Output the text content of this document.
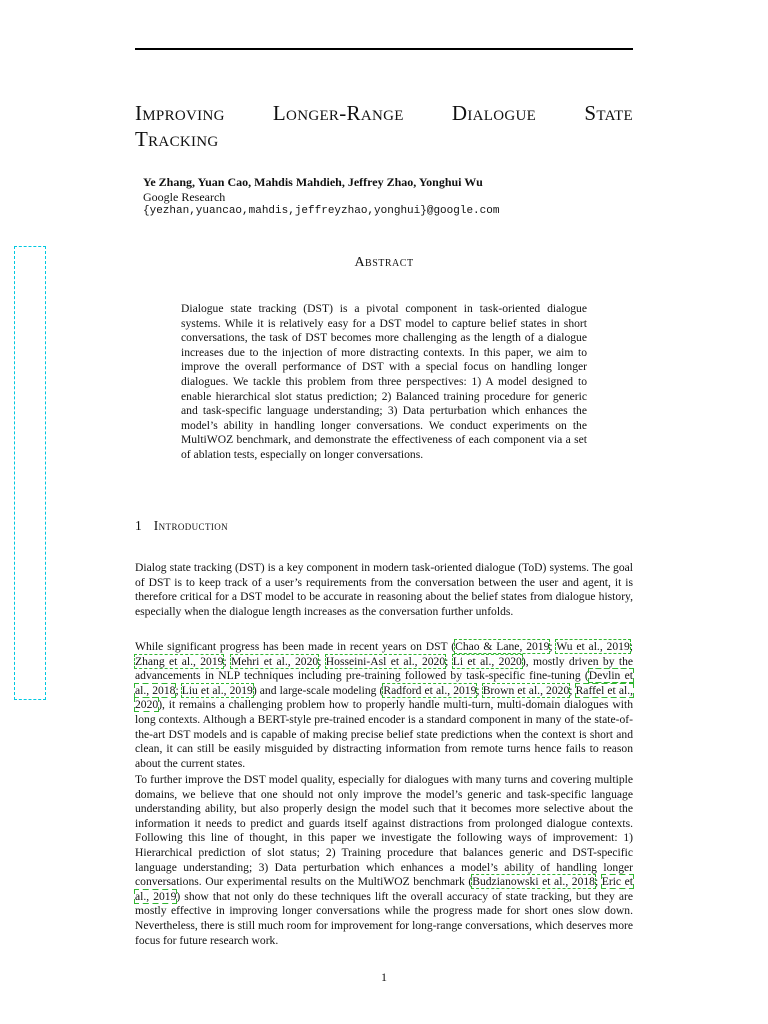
Improving Longer-Range Dialogue State
Tracking
Ye Zhang, Yuan Cao, Mahdis Mahdieh, Jeffrey Zhao, Yonghui Wu
Google Research
{yezhan,yuancao,mahdis,jeffreyzhao,yonghui}@google.com
Abstract
Dialogue state tracking (DST) is a pivotal component in task-oriented dialogue systems. While it is relatively easy for a DST model to capture belief states in short conversations, the task of DST becomes more challenging as the length of a dialogue increases due to the injection of more distracting contexts. In this paper, we aim to improve the overall performance of DST with a special focus on handling longer dialogues. We tackle this problem from three perspectives: 1) A model designed to enable hierarchical slot status prediction; 2) Balanced training procedure for generic and task-specific language understanding; 3) Data perturbation which enhances the model’s ability in handling longer conversations. We conduct experiments on the MultiWOZ benchmark, and demonstrate the effectiveness of each component via a set of ablation tests, especially on longer conversations.
1 Introduction
Dialog state tracking (DST) is a key component in modern task-oriented dialogue (ToD) systems. The goal of DST is to keep track of a user’s requirements from the conversation between the user and agent, it is therefore critical for a DST model to be accurate in reasoning about the belief states from dialogue history, especially when the dialogue length increases as the conversation further unfolds.
While significant progress has been made in recent years on DST (Chao & Lane, 2019; Wu et al., 2019; Zhang et al., 2019; Mehri et al., 2020; Hosseini-Asl et al., 2020; Li et al., 2020), mostly driven by the advancements in NLP techniques including pre-training followed by task-specific fine-tuning (Devlin et al., 2018; Liu et al., 2019) and large-scale modeling (Radford et al., 2019; Brown et al., 2020; Raffel et al., 2020), it remains a challenging problem how to properly handle multi-turn, multi-domain dialogues with long contexts. Although a BERT-style pre-trained encoder is a standard component in many of the state-of-the-art DST models and is capable of making precise belief state predictions when the context is short and clean, it can still be easily misguided by distracting information from remote turns hence fails to reason about the current states.
To further improve the DST model quality, especially for dialogues with many turns and covering multiple domains, we believe that one should not only improve the model’s generic and task-specific language understanding ability, but also properly design the model such that it becomes more selective about the information it needs to predict and guards itself against distractions from prolonged dialogue contexts. Following this line of thought, in this paper we investigate the following ways of improvement: 1) Hierarchical prediction of slot status; 2) Training procedure that balances generic and DST-specific language understanding; 3) Data perturbation which enhances a model’s ability of handling longer conversations. Our experimental results on the MultiWOZ benchmark (Budzianowski et al., 2018; Eric et al., 2019) show that not only do these techniques lift the overall accuracy of state tracking, but they are mostly effective in improving longer conversations while the progress made for short ones slow down. Nevertheless, there is still much room for improvement for long-range conversations, which deserves more focus for future research work.
1
